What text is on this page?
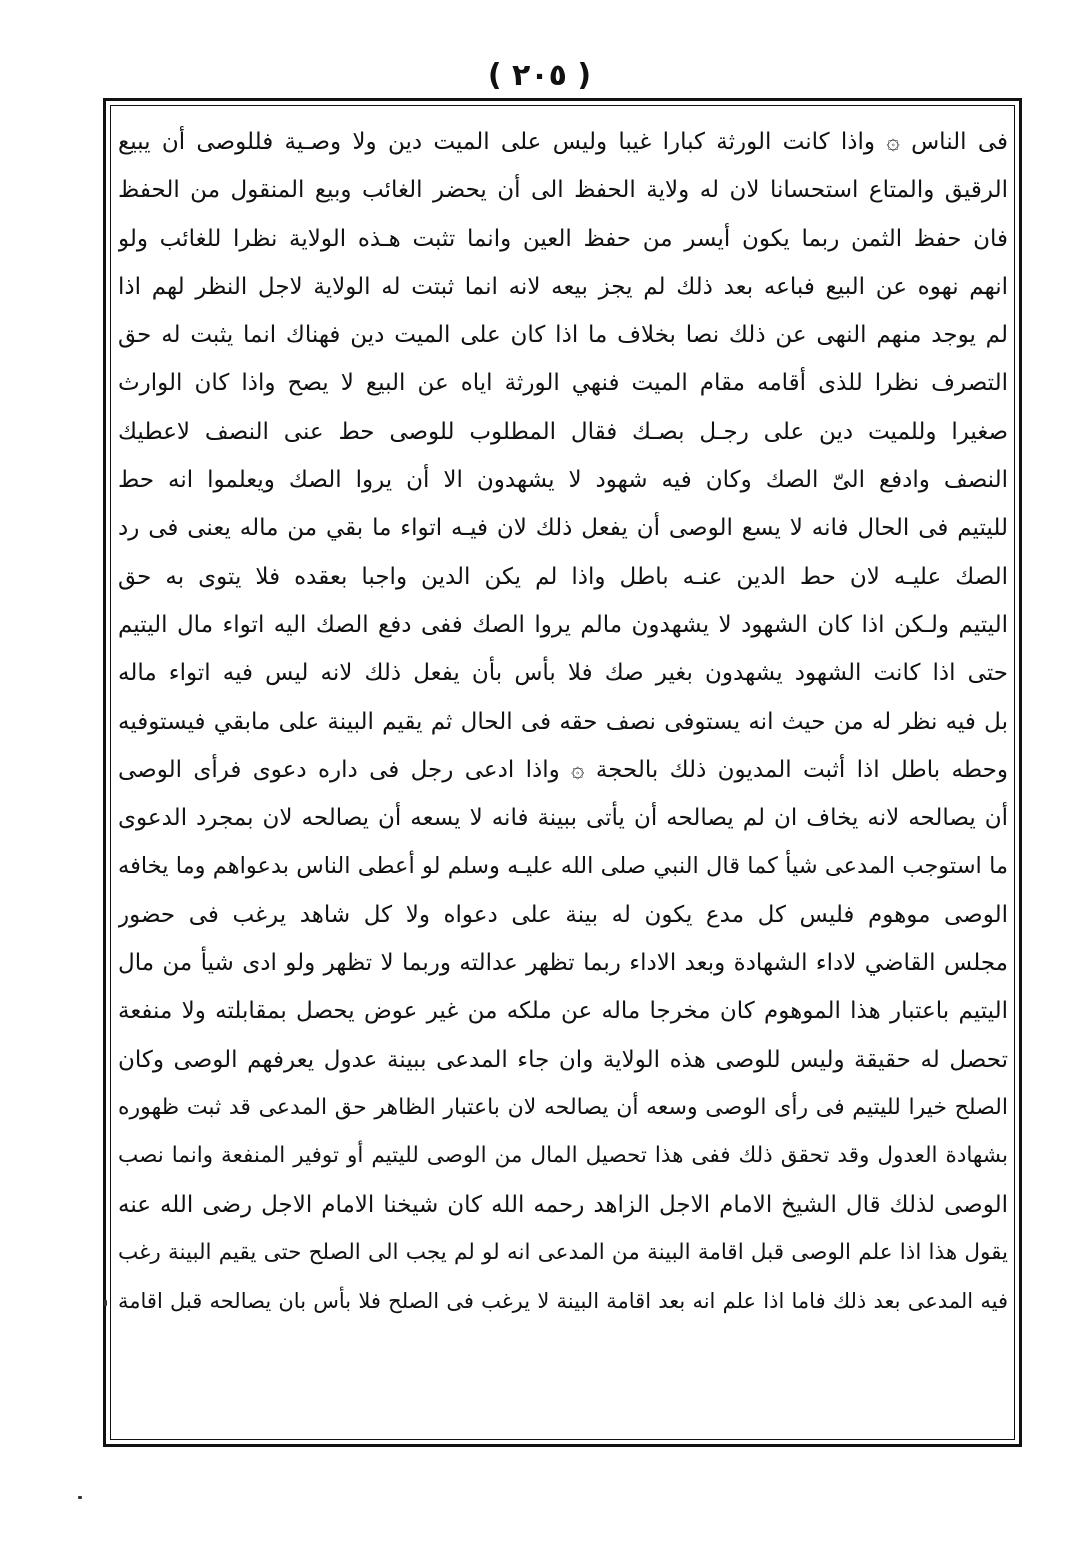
( ٢٠٥ )
فى الناس ۞ واذا كانت الورثة كبارا غيبا وليس على الميت دين ولا وصـية فللوصى أن يبيع
الرقيق والمتاع استحسانا لان له ولاية الحفظ الى أن يحضر الغائب وبيع المنقول من الحفظ
فان حفظ الثمن ربما يكون أيسر من حفظ العين وانما تثبت هـذه الولاية نظرا للغائب ولو
انهم نهوه عن البيع فباعه بعد ذلك لم يجز بيعه لانه انما ثبتت له الولاية لاجل النظر لهم اذا
لم يوجد منهم النهى عن ذلك نصا بخلاف ما اذا كان على الميت دين فهناك انما يثبت له حق
التصرف نظرا للذى أقامه مقام الميت فنهي الورثة اياه عن البيع لا يصح واذا كان الوارث
صغيرا وللميت دين على رجـل بصـك فقال المطلوب للوصى حط عنى النصف لاعطيك
النصف وادفع الىّ الصك وكان فيه شهود لا يشهدون الا أن يروا الصك ويعلموا انه حط
لليتيم فى الحال فانه لا يسع الوصى أن يفعل ذلك لان فيـه اتواء ما بقي من ماله يعنى فى رد
الصك عليـه لان حط الدين عنـه باطل واذا لم يكن الدين واجبا بعقده فلا يتوى به حق
اليتيم ولـكن اذا كان الشهود لا يشهدون مالم يروا الصك ففى دفع الصك اليه اتواء مال اليتيم
حتى اذا كانت الشهود يشهدون بغير صك فلا بأس بأن يفعل ذلك لانه ليس فيه اتواء ماله
بل فيه نظر له من حيث انه يستوفى نصف حقه فى الحال ثم يقيم البينة على مابقي فيستوفيه
وحطه باطل اذا أثبت المديون ذلك بالحجة ۞ واذا ادعى رجل فى داره دعوى فرأى الوصى
أن يصالحه لانه يخاف ان لم يصالحه أن يأتى ببينة فانه لا يسعه أن يصالحه لان بمجرد الدعوى
ما استوجب المدعى شيأ كما قال النبي صلى الله عليـه وسلم لو أعطى الناس بدعواهم وما يخافه
الوصى موهوم فليس كل مدع يكون له بينة على دعواه ولا كل شاهد يرغب فى حضور
مجلس القاضي لاداء الشهادة وبعد الاداء ربما تظهر عدالته وربما لا تظهر ولو ادى شيأ من مال
اليتيم باعتبار هذا الموهوم كان مخرجا ماله عن ملكه من غير عوض يحصل بمقابلته ولا منفعة
تحصل له حقيقة وليس للوصى هذه الولاية وان جاء المدعى ببينة عدول يعرفهم الوصى وكان
الصلح خيرا لليتيم فى رأى الوصى وسعه أن يصالحه لان باعتبار الظاهر حق المدعى قد ثبت ظهوره
بشهادة العدول وقد تحقق ذلك ففى هذا تحصيل المال من الوصى لليتيم أو توفير المنفعة وانما نصب
الوصى لذلك قال الشيخ الامام الاجل الزاهد رحمه الله كان شيخنا الامام الاجل رضى الله عنه
يقول هذا اذا علم الوصى قبل اقامة البينة من المدعى انه لو لم يجب الى الصلح حتى يقيم البينة رغب
فيه المدعى بعد ذلك فاما اذا علم انه بعد اقامة البينة لا يرغب فى الصلح فلا بأس بان يصالحه قبل اقامة
